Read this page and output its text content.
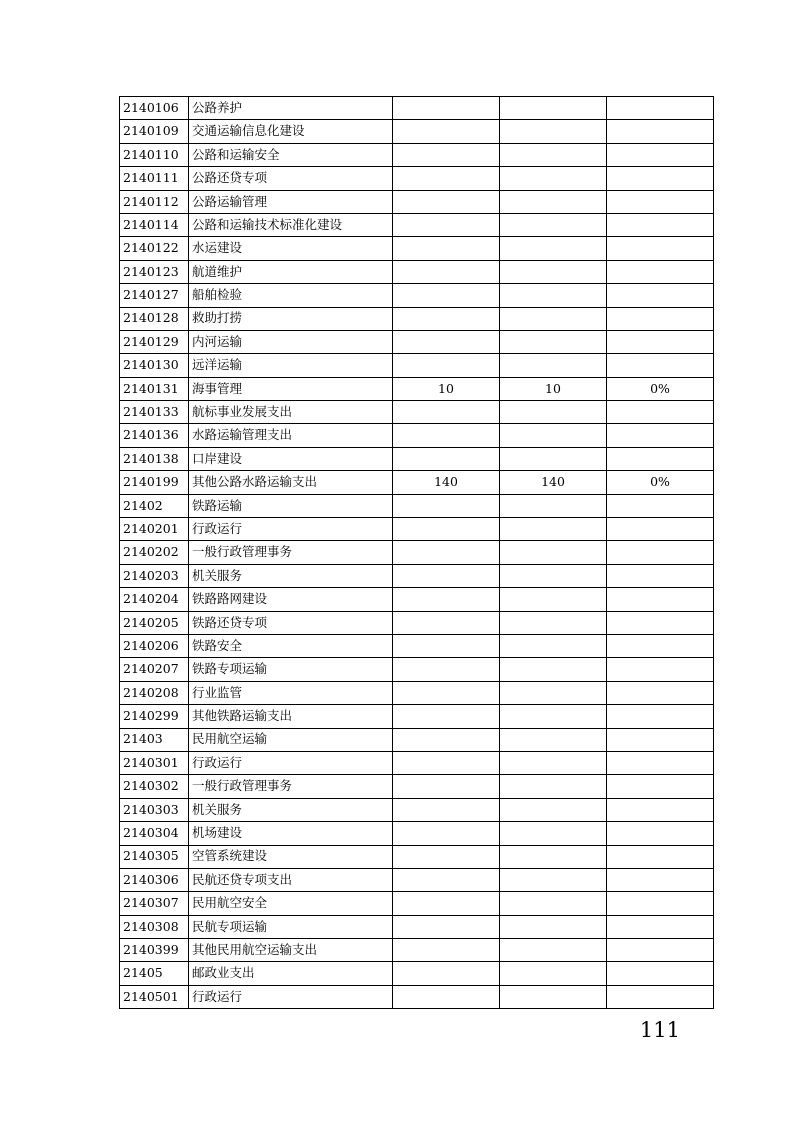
2140106	公路养护			
2140109	交通运输信息化建设			
2140110	公路和运输安全			
2140111	公路还贷专项			
2140112	公路运输管理			
2140114	公路和运输技术标准化建设			
2140122	水运建设			
2140123	航道维护			
2140127	船舶检验			
2140128	救助打捞			
2140129	内河运输			
2140130	远洋运输			
2140131	海事管理	10	10	0%
2140133	航标事业发展支出			
2140136	水路运输管理支出			
2140138	口岸建设			
2140199	其他公路水路运输支出	140	140	0%
21402	铁路运输			
2140201	行政运行			
2140202	一般行政管理事务			
2140203	机关服务			
2140204	铁路路网建设			
2140205	铁路还贷专项			
2140206	铁路安全			
2140207	铁路专项运输			
2140208	行业监管			
2140299	其他铁路运输支出			
21403	民用航空运输			
2140301	行政运行			
2140302	一般行政管理事务			
2140303	机关服务			
2140304	机场建设			
2140305	空管系统建设			
2140306	民航还贷专项支出			
2140307	民用航空安全			
2140308	民航专项运输			
2140399	其他民用航空运输支出			
21405	邮政业支出			
2140501	行政运行			
111
